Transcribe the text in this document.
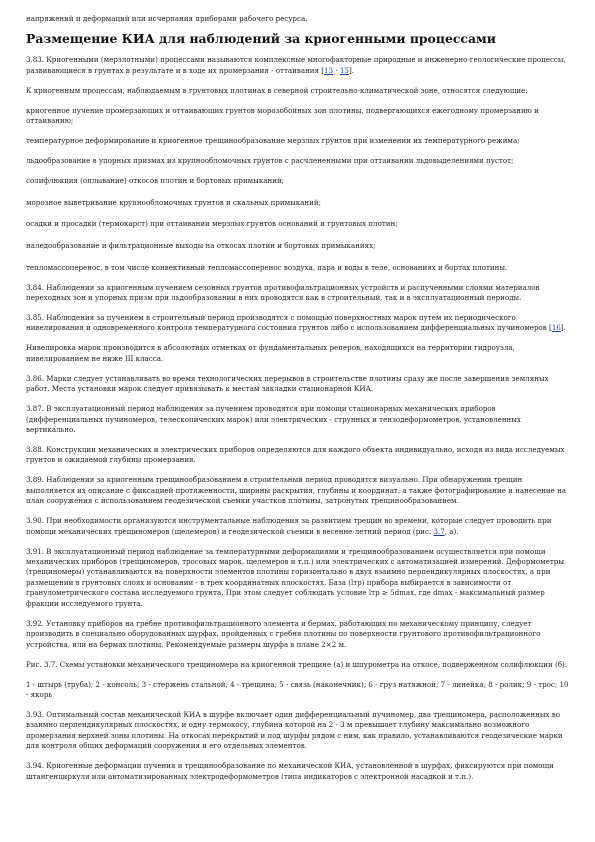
напряжений и деформаций или исчерпания приборами рабочего ресурса.
Размещение КИА для наблюдений за криогенными процессами
3.83. Криогенными (мерзлотными) процессами называются комплексные многофакторные природные и инженерно-геологические процессы, развивающиеся в грунтах в результате и в ходе их промерзания - оттаивания [13 - 15].
К криогенным процессам, наблюдаемым в грунтовых плотинах в северной строительно-климатической зоне, относятся следующие:
криогенное пучение промерзающих и оттаивающих грунтов морозобойных зон плотины, подвергающихся ежегодному промерзанию и оттаиванию;
температурное деформирование и криогенное трещинообразование мерзлых грунтов при изменении их температурного режима;
льдообразование в упорных призмах из крупнообломочных грунтов с расчлененными при оттаивании льдовыделениями пустот;
солифлюкция (оплывание) откосов плотин и бортовых примыканий;
морозное выветривание крупнообломочных грунтов и скальных примыканий;
осадки и просадки (термокарст) при оттаивании мерзлых грунтов оснований и грунтовых плотин;
наледообразование и фильтрационные выходы на откосах плотин и бортовых примыканиях;
тепломассоперенос, в том числе конвективный тепломассоперенос воздуха, пара и воды в теле, основаниях и бортах плотины.
3.84. Наблюдения за криогенным пучением сезонных грунтов противофильтрационных устройств и распученными слоями материалов переходных зон и упорных призм при льдообразовании в них проводятся как в строительный, так и в эксплуатационный периоды.
3.85. Наблюдения за пучением в строительный период производятся с помощью поверхностных марок путем их периодического нивелирования и одновременного контроля температурного состояния грунтов либо с использованием дифференциальных пучиномеров [16].
Нивелировка марок производится в абсолютных отметках от фундаментальных реперов, находящихся на территории гидроузла, нивелированием не ниже III класса.
3.86. Марки следует устанавливать во время технологических перерывов в строительстве плотины сразу же после завершения земляных работ. Места установки марок следует привязывать к местам закладки стационарной КИА.
3.87. В эксплуатационный период наблюдения за пучением проводятся при помощи стационарных механических приборов (дифференциальных пучиномеров, телескопических марок) или электрических - струнных и тензодеформометров, установленных вертикально.
3.88. Конструкции механических и электрических приборов определяются для каждого объекта индивидуально, исходя из вида исследуемых грунтов и ожидаемой глубины промерзания.
3.89. Наблюдения за криогенным трещинообразованием в строительный период проводятся визуально. При обнаружении трещин выполняется их описание с фиксацией протяженности, ширины раскрытия, глубины и координат, а также фотографирование и нанесение на план сооружения с использованием геодезической съемки участков плотины, затронутых трещинообразованием.
3.90. При необходимости организуются инструментальные наблюдения за развитием трещин во времени, которые следует проводить при помощи механических трещиномеров (щелемеров) и геодезической съемки в весенне-летний период (рис. 3.7, а).
3.91. В эксплуатационный период наблюдение за температурными деформациями и трещинообразованием осуществляется при помощи механических приборов (трещиномеров, тросовых марок, щелемеров и т.п.) или электрических с автоматизацией измерений. Деформометры (трещиномеры) устанавливаются на поверхности элементов плотины горизонтально в двух взаимно перпендикулярных плоскостях, а при размещении в грунтовых слоях и основании - в трех координатных плоскостях. База (lтр) прибора выбирается в зависимости от гранулометрического состава исследуемого грунта. При этом следует соблюдать условие lтр ≥ 5dmax, где dmax - максимальный размер фракции исследуемого грунта.
3.92. Установку приборов на гребне противофильтрационного элемента и бермах, работающих по механическому принципу, следует производить в специально оборудованных шурфах, пройденных с гребня плотины по поверхности грунтового противофильтрационного устройства, или на бермах плотины. Рекомендуемые размеры шурфа в плане 2×2 м.
Рис. 3.7. Схемы установки механического трещиномера на криогенной трещине (а) и шпурометра на откосе, подверженном солифлюкции (б):
1 - штырь (труба); 2 - консоль; 3 - стержень стальной; 4 - трещина; 5 - связь (наконечник); 6 - груз натяжной; 7 - линейка; 8 - ролик; 9 - трос; 10 - якорь
3.93. Оптимальный состав механической КИА в шурфе включает один дифференциальный пучиномер, два трещиномера, расположенных во взаимно перпендикулярных плоскостях, и одну термокосу, глубина которой на 2 - 3 м превышает глубину максимально возможного промерзания верхней зоны плотины. На откосах перекрытий и под шурфы рядом с ним, как правило, устанавливаются геодезические марки для контроля общих деформаций сооружения и его отдельных элементов.
3.94. Криогенные деформации пучения и трещинообразование по механической КИА, установленной в шурфах, фиксируются при помощи штангенциркуля или автоматизированных электродеформометров (типа индикаторов с электронной насадкой и т.п.).
